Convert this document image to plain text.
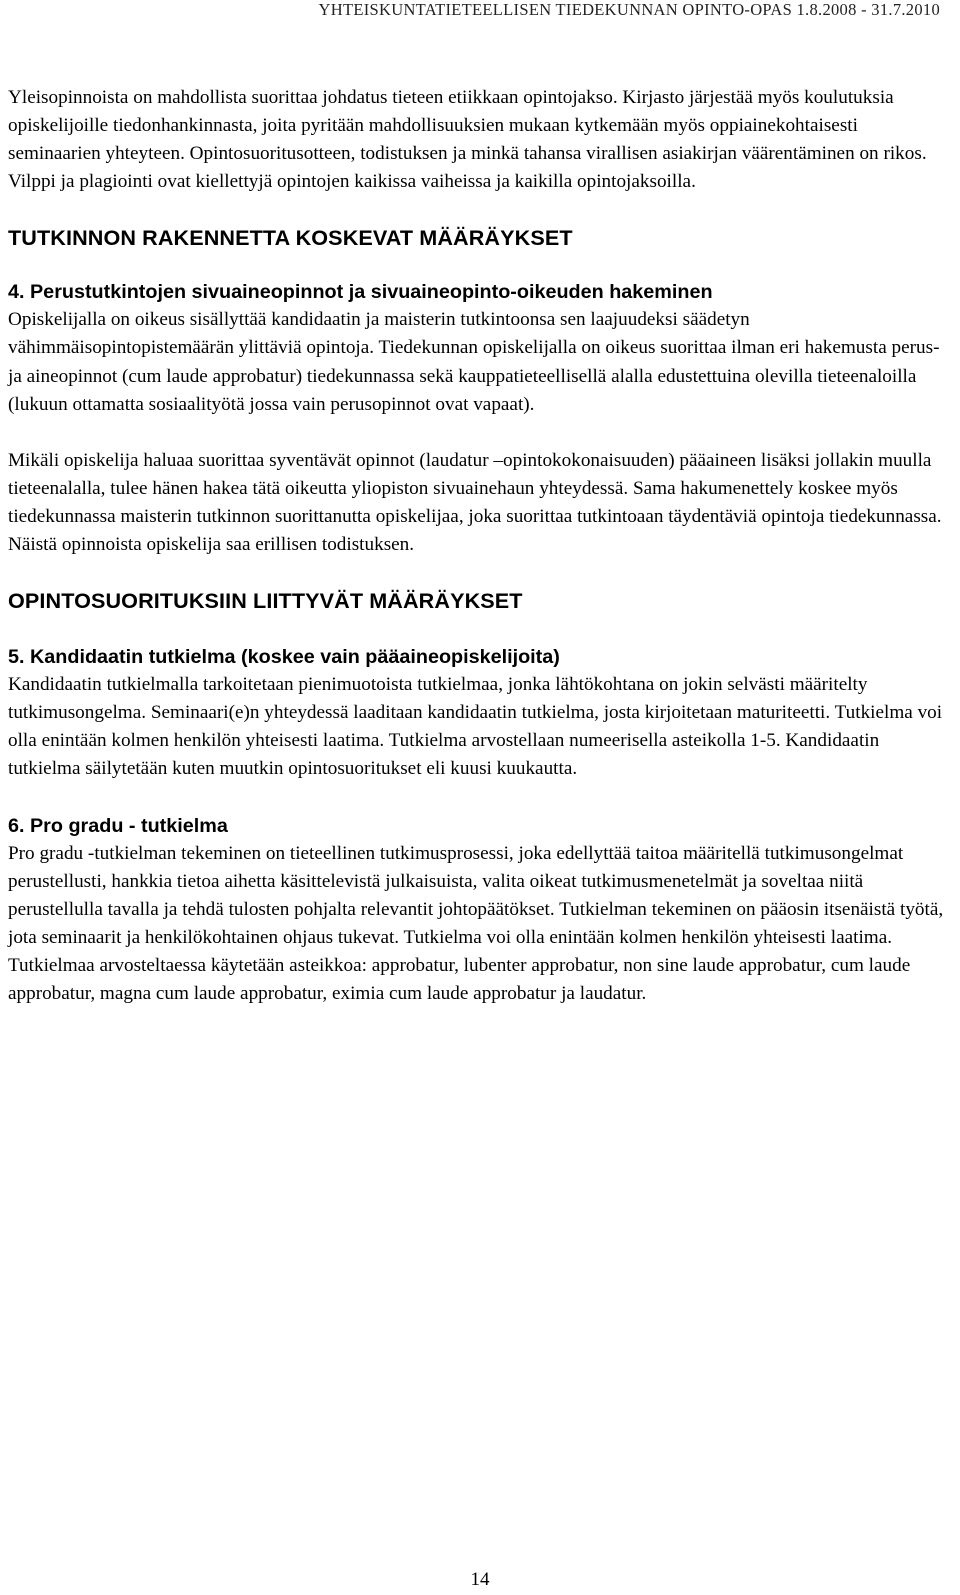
YHTEISKUNTATIETEELLISEN TIEDEKUNNAN OPINTO-OPAS 1.8.2008 - 31.7.2010

Yleisopinnoista on mahdollista suorittaa johdatus tieteen etiikkaan opintojakso. Kirjasto järjestää myös koulutuksia opiskelijoille tiedonhankinnasta, joita pyritään mahdollisuuksien mukaan kytkemään myös oppiainekohtaisesti seminaarien yhteyteen. Opintosuoritusotteen, todistuksen ja minkä tahansa virallisen asiakirjan väärentäminen on rikos. Vilppi ja plagiointi ovat kiellettyjä opintojen kaikissa vaiheissa ja kaikilla opintojaksoilla.

TUTKINNON RAKENNETTA KOSKEVAT MÄÄRÄYKSET
4. Perustutkintojen sivuaineopinnot ja sivuaineopinto-oikeuden hakeminen

Opiskelijalla on oikeus sisällyttää kandidaatin ja maisterin tutkintoonsa sen laajuudeksi säädetyn vähimmäisopintopistemäärän ylittäviä opintoja. Tiedekunnan opiskelijalla on oikeus suorittaa ilman eri hakemusta perus- ja aineopinnot (cum laude approbatur) tiedekunnassa sekä kauppatieteellisellä alalla edustettuina olevilla tieteenaloilla (lukuun ottamatta sosiaalityötä jossa vain perusopinnot ovat vapaat).

Mikäli opiskelija haluaa suorittaa syventävät opinnot (laudatur –opintokokonaisuuden) pääaineen lisäksi jollakin muulla tieteenalalla, tulee hänen hakea tätä oikeutta yliopiston sivuainehaun yhteydessä. Sama hakumenettely koskee myös tiedekunnassa maisterin tutkinnon suorittanutta opiskelijaa, joka suorittaa tutkintoaan täydentäviä opintoja tiedekunnassa. Näistä opinnoista opiskelija saa erillisen todistuksen.

OPINTOSUORITUKSIIN LIITTYVÄT MÄÄRÄYKSET
5. Kandidaatin tutkielma (koskee vain pääaineopiskelijoita)

Kandidaatin tutkielmalla tarkoitetaan pienimuotoista tutkielmaa, jonka lähtökohtana on jokin selvästi määritelty tutkimusongelma. Seminaari(e)n yhteydessä laaditaan kandidaatin tutkielma, josta kirjoitetaan maturiteetti. Tutkielma voi olla enintään kolmen henkilön yhteisesti laatima. Tutkielma arvostellaan numeerisella asteikolla 1-5. Kandidaatin tutkielma säilytetään kuten muutkin opintosuoritukset eli kuusi kuukautta.

6. Pro gradu - tutkielma

Pro gradu -tutkielman tekeminen on tieteellinen tutkimusprosessi, joka edellyttää taitoa määritellä tutkimusongelmat perustellusti, hankkia tietoa aihetta käsittelevistä julkaisuista, valita oikeat tutkimusmenetelmät ja soveltaa niitä perustellulla tavalla ja tehdä tulosten pohjalta relevantit johtopäätökset. Tutkielman tekeminen on pääosin itsenäistä työtä, jota seminaarit ja henkilökohtainen ohjaus tukevat. Tutkielma voi olla enintään kolmen henkilön yhteisesti laatima. Tutkielmaa arvosteltaessa käytetään asteikkoa: approbatur, lubenter approbatur, non sine laude approbatur, cum laude approbatur, magna cum laude approbatur, eximia cum laude approbatur ja laudatur.

14
